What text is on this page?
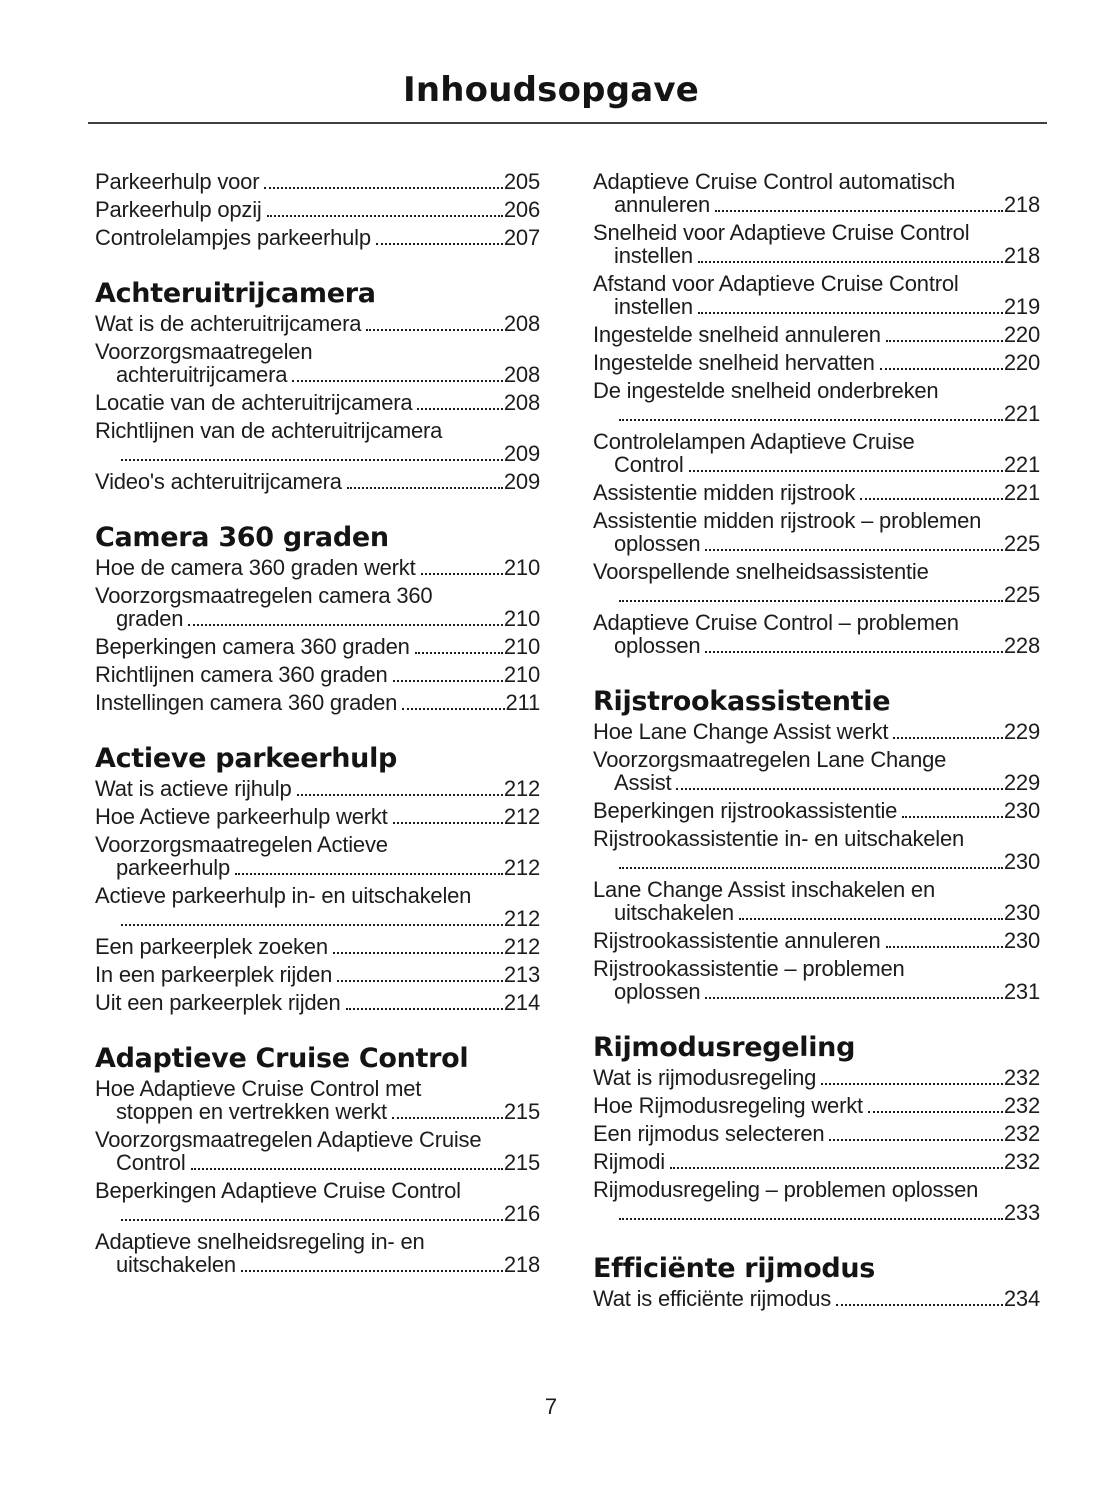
Inhoudsopgave
Parkeerhulp voor	205
Parkeerhulp opzij	206
Controlelampjes parkeerhulp	207
Achteruitrijcamera
Wat is de achteruitrijcamera	208
Voorzorgsmaatregelen
achteruitrijcamera	208
Locatie van de achteruitrijcamera	208
Richtlijnen van de achteruitrijcamera
209
Video's achteruitrijcamera	209
Camera 360 graden
Hoe de camera 360 graden werkt	210
Voorzorgsmaatregelen camera 360
graden	210
Beperkingen camera 360 graden	210
Richtlijnen camera 360 graden	210
Instellingen camera 360 graden	211
Actieve parkeerhulp
Wat is actieve rijhulp	212
Hoe Actieve parkeerhulp werkt	212
Voorzorgsmaatregelen Actieve
parkeerhulp	212
Actieve parkeerhulp in- en uitschakelen
212
Een parkeerplek zoeken	212
In een parkeerplek rijden	213
Uit een parkeerplek rijden	214
Adaptieve Cruise Control
Hoe Adaptieve Cruise Control met
stoppen en vertrekken werkt	215
Voorzorgsmaatregelen Adaptieve Cruise
Control	215
Beperkingen Adaptieve Cruise Control
216
Adaptieve snelheidsregeling in- en
uitschakelen	218
Adaptieve Cruise Control automatisch
annuleren	218
Snelheid voor Adaptieve Cruise Control
instellen	218
Afstand voor Adaptieve Cruise Control
instellen	219
Ingestelde snelheid annuleren	220
Ingestelde snelheid hervatten	220
De ingestelde snelheid onderbreken
221
Controlelampen Adaptieve Cruise
Control	221
Assistentie midden rijstrook	221
Assistentie midden rijstrook – problemen
oplossen	225
Voorspellende snelheidsassistentie
225
Adaptieve Cruise Control – problemen
oplossen	228
Rijstrookassistentie
Hoe Lane Change Assist werkt	229
Voorzorgsmaatregelen Lane Change
Assist	229
Beperkingen rijstrookassistentie	230
Rijstrookassistentie in- en uitschakelen
230
Lane Change Assist inschakelen en
uitschakelen	230
Rijstrookassistentie annuleren	230
Rijstrookassistentie – problemen
oplossen	231
Rijmodusregeling
Wat is rijmodusregeling	232
Hoe Rijmodusregeling werkt	232
Een rijmodus selecteren	232
Rijmodi	232
Rijmodusregeling – problemen oplossen
233
Efficiënte rijmodus
Wat is efficiënte rijmodus	234
7
